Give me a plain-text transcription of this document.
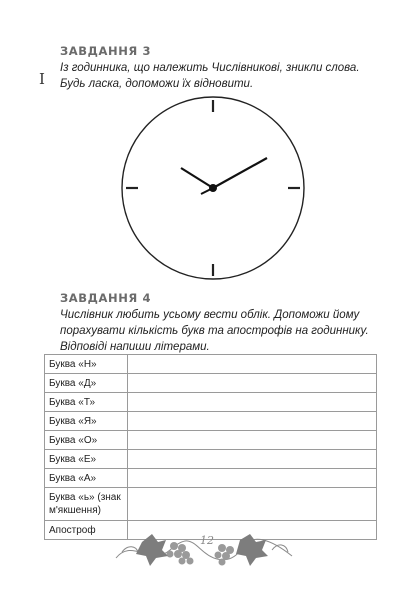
ЗАВДАННЯ 3
I
Із годинника, що належить Числівникові, зникли слова. Будь ласка, допоможи їх відновити.
ЗАВДАННЯ 4
Числівник любить усьому вести облік. Допоможи йому порахувати кількість букв та апострофів на годиннику. Відповіді напиши літерами.
Буква «Н»	
Буква «Д»	
Буква «Т»	
Буква «Я»	
Буква «О»	
Буква «Е»	
Буква «А»	
Буква «ь» (знак м'якшення)	
Апостроф	
12
